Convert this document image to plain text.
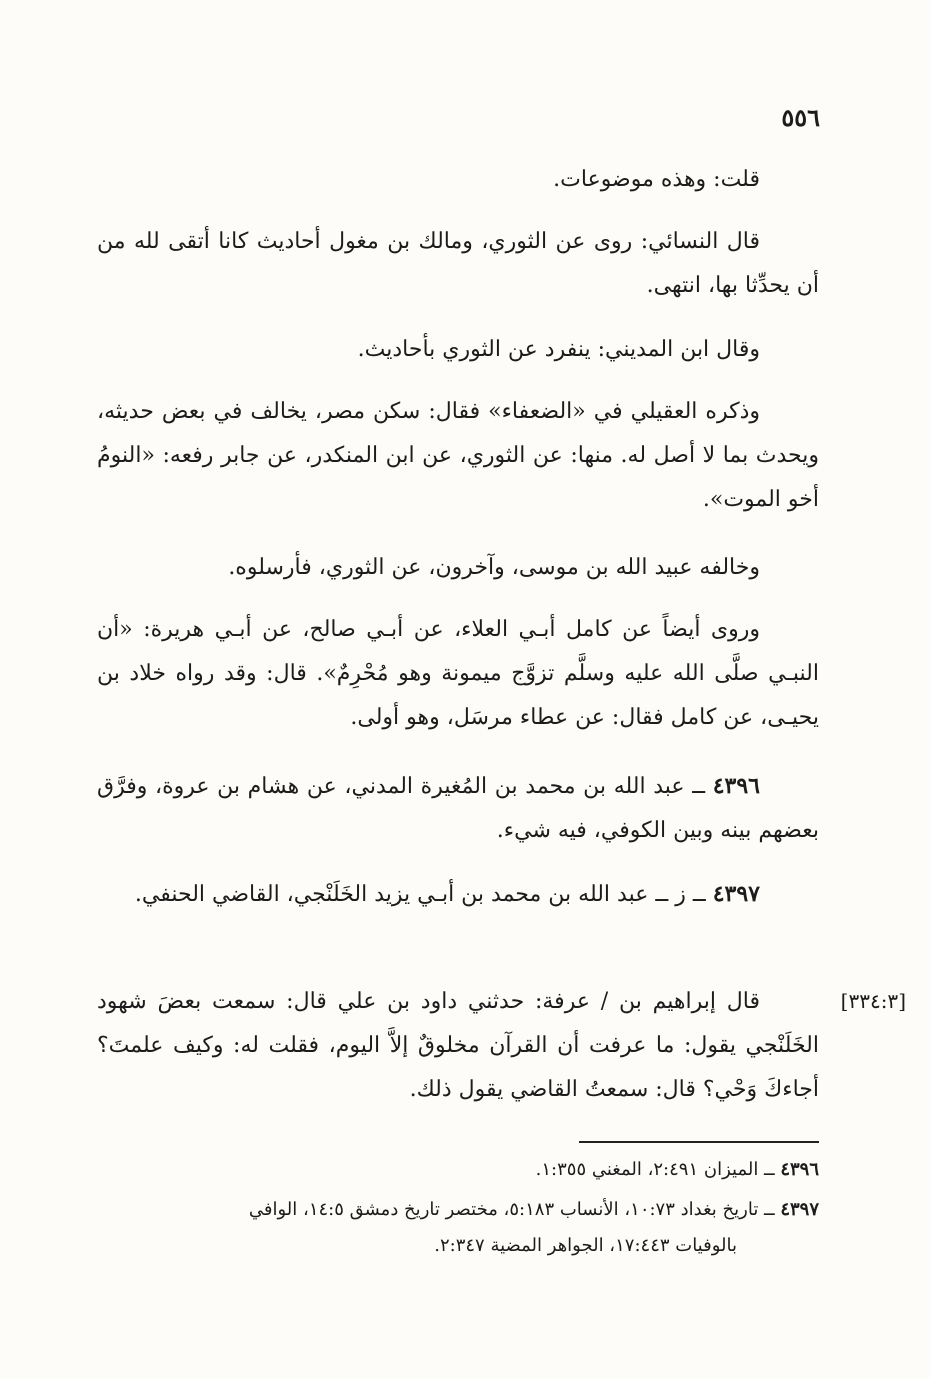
٥٥٦
قلت: وهذه موضوعات.
قال النسائي: روى عن الثوري، ومالك بن مغول أحاديث كانا أتقى لله من أن يحدِّثا بها، انتهى.
وقال ابن المديني: ينفرد عن الثوري بأحاديث.
وذكره العقيلي في «الضعفاء» فقال: سكن مصر، يخالف في بعض حديثه، ويحدث بما لا أصل له. منها: عن الثوري، عن ابن المنكدر، عن جابر رفعه: «النومُ أخو الموت».
وخالفه عبيد الله بن موسى، وآخرون، عن الثوري، فأرسلوه.
وروى أيضاً عن كامل أبـي العلاء، عن أبـي صالح، عن أبـي هريرة: «أن النبـي صلَّى الله عليه وسلَّم تزوَّج ميمونة وهو مُحْرِمٌ». قال: وقد رواه خلاد بن يحيـى، عن كامل فقال: عن عطاء مرسَل، وهو أولى.
٤٣٩٦ ــ عبد الله بن محمد بن المُغيرة المدني، عن هشام بن عروة، وفرَّق بعضهم بينه وبين الكوفي، فيه شيء.
٤٣٩٧ ــ ز ــ عبد الله بن محمد بن أبـي يزيد الخَلَنْجي، القاضي الحنفي.
[٣٣٤:٣]
قال إبراهيم بن / عرفة: حدثني داود بن علي قال: سمعت بعضَ شهود الخَلَنْجي يقول: ما عرفت أن القرآن مخلوقٌ إلاَّ اليوم، فقلت له: وكيف علمتَ؟ أجاءكَ وَحْي؟ قال: سمعتُ القاضي يقول ذلك.
٤٣٩٦ ــ الميزان ٢:٤٩١، المغني ١:٣٥٥.
٤٣٩٧ ــ تاريخ بغداد ١٠:٧٣، الأنساب ٥:١٨٣، مختصر تاريخ دمشق ١٤:٥، الوافي
بالوفيات ١٧:٤٤٣، الجواهر المضية ٢:٣٤٧.
